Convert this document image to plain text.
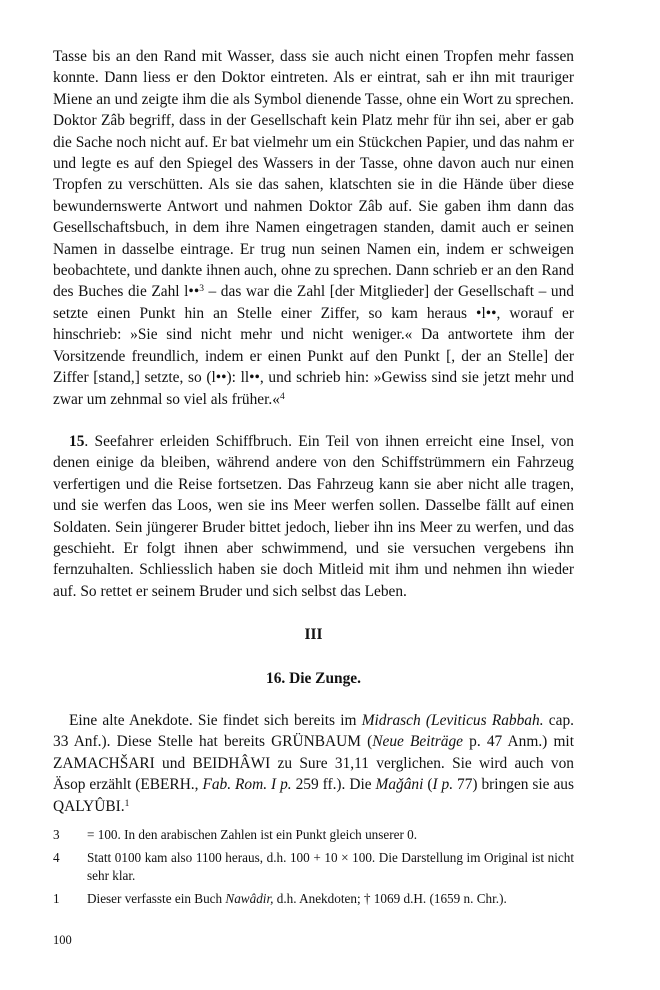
Tasse bis an den Rand mit Wasser, dass sie auch nicht einen Tropfen mehr fassen konnte. Dann liess er den Doktor eintreten. Als er eintrat, sah er ihn mit trauriger Miene an und zeigte ihm die als Symbol dienende Tasse, ohne ein Wort zu sprechen. Doktor Zâb begriff, dass in der Gesellschaft kein Platz mehr für ihn sei, aber er gab die Sache noch nicht auf. Er bat vielmehr um ein Stückchen Papier, und das nahm er und legte es auf den Spiegel des Wassers in der Tasse, ohne davon auch nur einen Tropfen zu verschütten. Als sie das sahen, klatschten sie in die Hände über diese bewundernswerte Antwort und nahmen Doktor Zâb auf. Sie gaben ihm dann das Gesellschaftsbuch, in dem ihre Namen eingetragen standen, damit auch er seinen Namen in dasselbe eintrage. Er trug nun seinen Namen ein, indem er schweigen beobachtete, und dankte ihnen auch, ohne zu sprechen. Dann schrieb er an den Rand des Buches die Zahl l••$^3$ – das war die Zahl [der Mitglieder] der Gesellschaft – und setzte einen Punkt hin an Stelle einer Ziffer, so kam heraus •l••, worauf er hinschrieb: »Sie sind nicht mehr und nicht weniger.« Da antwortete ihm der Vorsitzende freundlich, indem er einen Punkt auf den Punkt [, der an Stelle] der Ziffer [stand,] setzte, so (l••): ll••, und schrieb hin: »Gewiss sind sie jetzt mehr und zwar um zehnmal so viel als früher.«$^4$

15. Seefahrer erleiden Schiffbruch. Ein Teil von ihnen erreicht eine Insel, von denen einige da bleiben, während andere von den Schiffstrümmern ein Fahrzeug verfertigen und die Reise fortsetzen. Das Fahrzeug kann sie aber nicht alle tragen, und sie werfen das Loos, wen sie ins Meer werfen sollen. Dasselbe fällt auf einen Soldaten. Sein jüngerer Bruder bittet jedoch, lieber ihn ins Meer zu werfen, und das geschieht. Er folgt ihnen aber schwimmend, und sie versuchen vergebens ihn fernzuhalten. Schliesslich haben sie doch Mitleid mit ihm und nehmen ihn wieder auf. So rettet er seinem Bruder und sich selbst das Leben.

III

16. Die Zunge.

Eine alte Anekdote. Sie findet sich bereits im Midrasch (Leviticus Rabbah. cap. 33 Anf.). Diese Stelle hat bereits GRÜNBAUM (Neue Beiträge p. 47 Anm.) mit ZAMACHŠARI und BEIDHÂWI zu Sure 31,11 verglichen. Sie wird auch von Äsop erzählt (EBERH., Fab. Rom. I p. 259 ff.). Die Maǧâni (I p. 77) bringen sie aus QALYÛBI.$^1$

3	= 100. In den arabischen Zahlen ist ein Punkt gleich unserer 0.
4	Statt 0100 kam also 1100 heraus, d.h. 100 + 10 × 100. Die Darstellung im Original ist nicht sehr klar.
1	Dieser verfasste ein Buch Nawâdir, d.h. Anekdoten; † 1069 d.H. (1659 n. Chr.).
100
